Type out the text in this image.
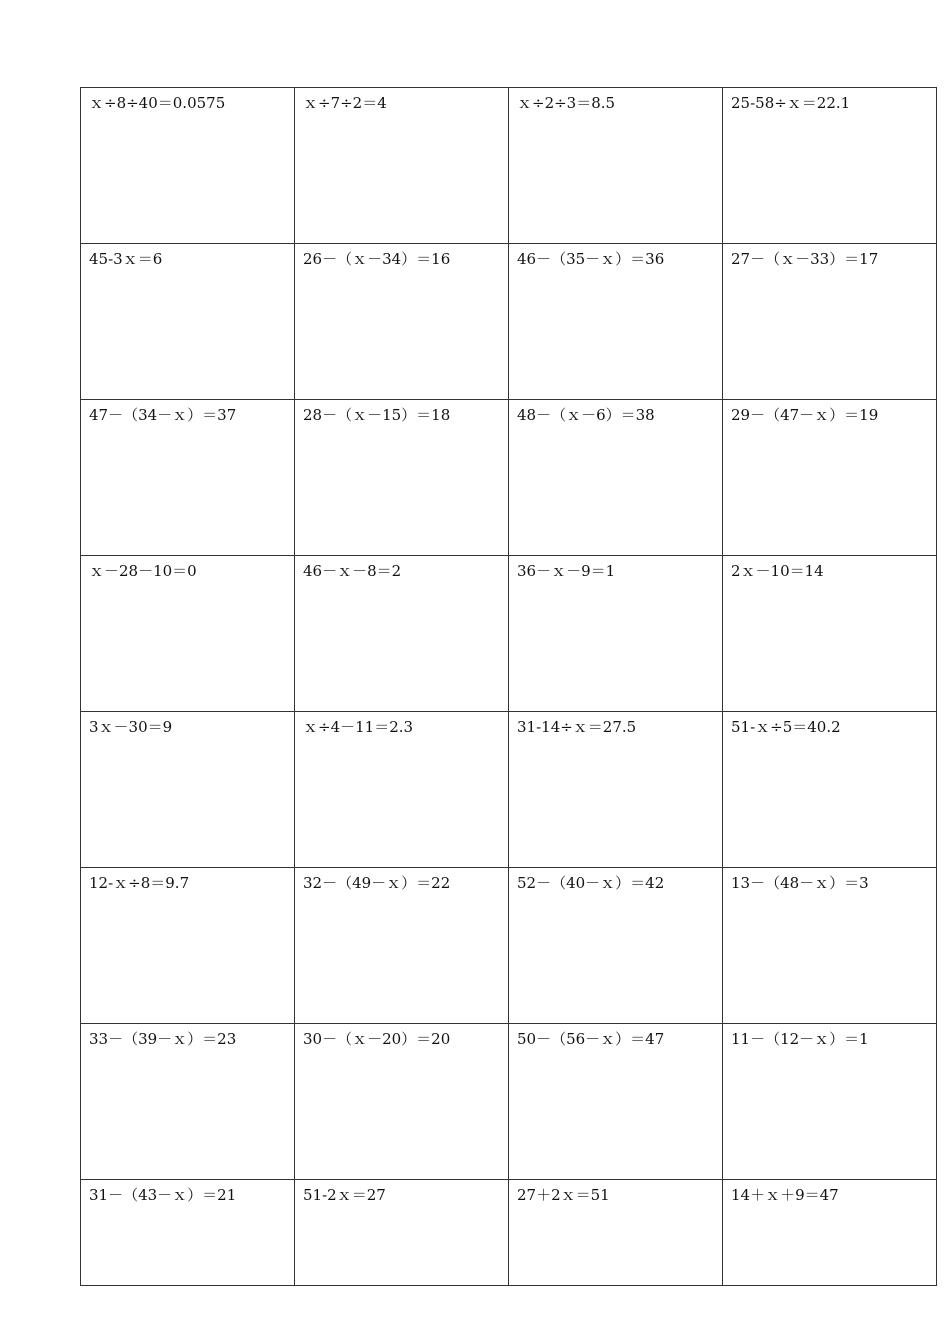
ｘ÷8÷40＝0.0575	ｘ÷7÷2＝4	ｘ÷2÷3＝8.5	25-58÷ｘ＝22.1
45-3ｘ＝6	26－（ｘ－34）＝16	46－（35－ｘ）＝36	27－（ｘ－33）＝17
47－（34－ｘ）＝37	28－（ｘ－15）＝18	48－（ｘ－6）＝38	29－（47－ｘ）＝19
ｘ－28－10＝0	46－ｘ－8＝2	36－ｘ－9＝1	2ｘ－10＝14
3ｘ－30＝9	ｘ÷4－11＝2.3	31-14÷ｘ＝27.5	51-ｘ÷5＝40.2
12-ｘ÷8＝9.7	32－（49－ｘ）＝22	52－（40－ｘ）＝42	13－（48－ｘ）＝3
33－（39－ｘ）＝23	30－（ｘ－20）＝20	50－（56－ｘ）＝47	11－（12－ｘ）＝1
31－（43－ｘ）＝21	51-2ｘ＝27	27＋2ｘ＝51	14＋ｘ＋9＝47
